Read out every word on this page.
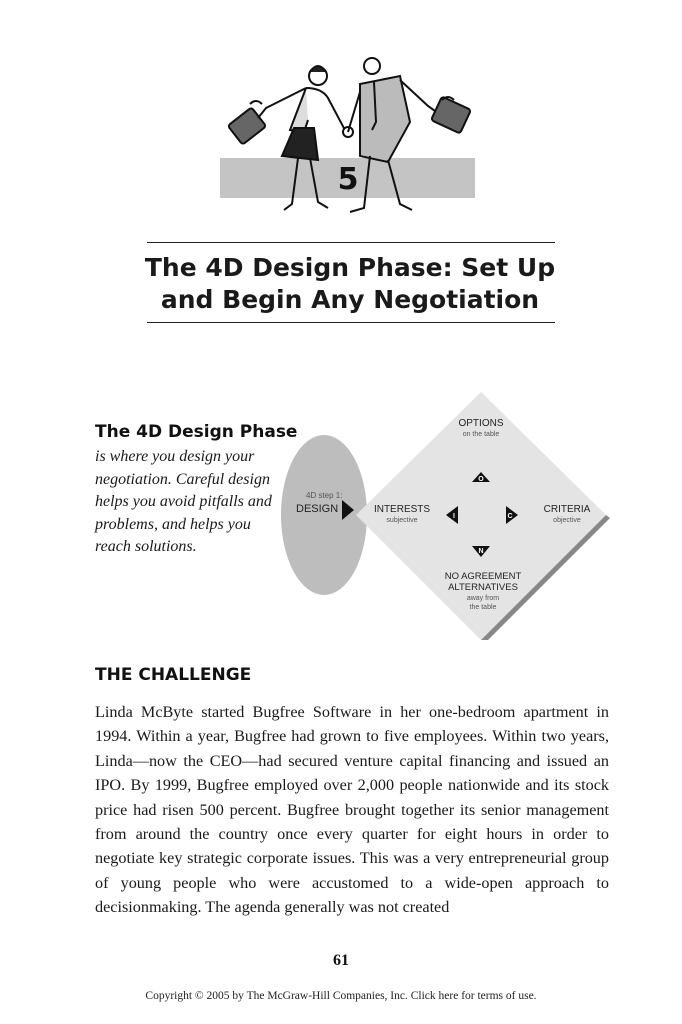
5
The 4D Design Phase: Set Up
and Begin Any Negotiation
The 4D Design Phase
is where you design your negotiation. Careful design helps you avoid pitfalls and problems, and helps you reach solutions.
4D step 1:
DESIGN
OPTIONS
on the table
INTERESTS
subjective
CRITERIA
objective
NO AGREEMENT
ALTERNATIVES
away from
the table
O
I	C
N
THE CHALLENGE
Linda McByte started Bugfree Software in her one-bedroom apartment in 1994. Within a year, Bugfree had grown to five employees. Within two years, Linda—now the CEO—had secured venture capital financing and issued an IPO. By 1999, Bugfree employed over 2,000 people nationwide and its stock price had risen 500 percent. Bugfree brought together its senior management from around the country once every quarter for eight hours in order to negotiate key strategic corporate issues. This was a very entrepreneurial group of young people who were accustomed to a wide-open approach to decisionmaking. The agenda generally was not created
61
Copyright © 2005 by The McGraw-Hill Companies, Inc. Click here for terms of use.
